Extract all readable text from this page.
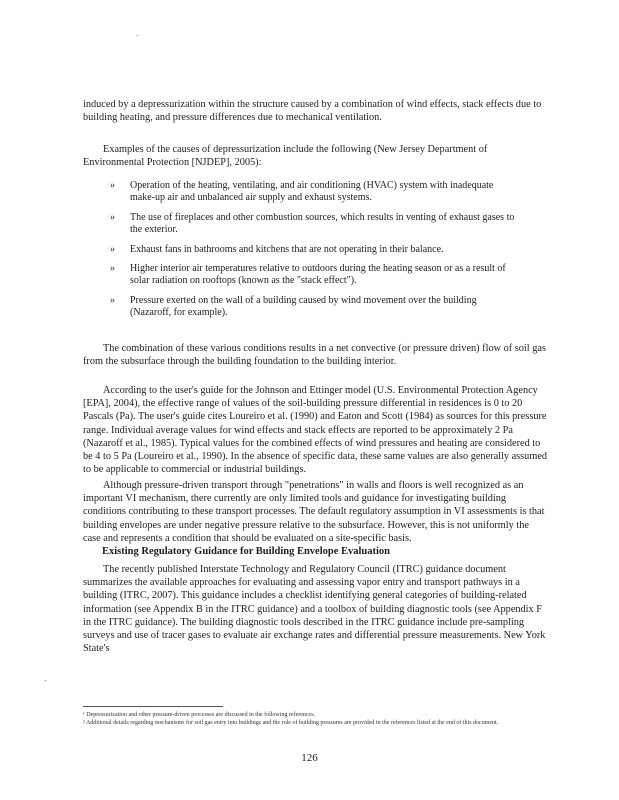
.

induced by a depressurization within the structure caused by a combination of wind effects, stack effects due to building heating, and pressure differences due to mechanical ventilation.

Examples of the causes of depressurization include the following (New Jersey Department of Environmental Protection [NJDEP], 2005):

» Operation of the heating, ventilating, and air conditioning (HVAC) system with inadequate make-up air and unbalanced air supply and exhaust systems.
» The use of fireplaces and other combustion sources, which results in venting of exhaust gases to the exterior.
» Exhaust fans in bathrooms and kitchens that are not operating in their balance.
» Higher interior air temperatures relative to outdoors during the heating season or as a result of solar radiation on rooftops (known as the "stack effect").
» Pressure exerted on the wall of a building caused by wind movement over the building (Nazaroff, for example).

The combination of these various conditions results in a net convective (or pressure driven) flow of soil gas from the subsurface through the building foundation to the building interior.

According to the user's guide for the Johnson and Ettinger model (U.S. Environmental Protection Agency [EPA], 2004), the effective range of values of the soil-building pressure differential in residences is 0 to 20 Pascals (Pa). The user's guide cites Loureiro et al. (1990) and Eaton and Scott (1984) as sources for this pressure range. Individual average values for wind effects and stack effects are reported to be approximately 2 Pa (Nazaroff et al., 1985). Typical values for the combined effects of wind pressures and heating are considered to be 4 to 5 Pa (Loureiro et al., 1990). In the absence of specific data, these same values are also generally assumed to be applicable to commercial or industrial buildings.

Although pressure-driven transport through "penetrations" in walls and floors is well recognized as an important VI mechanism, there currently are only limited tools and guidance for investigating building conditions contributing to these transport processes. The default regulatory assumption in VI assessments is that building envelopes are under negative pressure relative to the subsurface. However, this is not uniformly the case and represents a condition that should be evaluated on a site-specific basis.

Existing Regulatory Guidance for Building Envelope Evaluation

The recently published Interstate Technology and Regulatory Council (ITRC) guidance document summarizes the available approaches for evaluating and assessing vapor entry and transport pathways in a building (ITRC, 2007). This guidance includes a checklist identifying general categories of building-related information (see Appendix B in the ITRC guidance) and a toolbox of building diagnostic tools (see Appendix F in the ITRC guidance). The building diagnostic tools described in the ITRC guidance include pre-sampling surveys and use of tracer gases to evaluate air exchange rates and differential pressure measurements. New York State's

-

¹ Depressurization and other pressure-driven processes are discussed in the following references.

² Additional details regarding mechanisms for soil gas entry into buildings and the role of building pressures are provided in the references listed at the end of this document.

126
